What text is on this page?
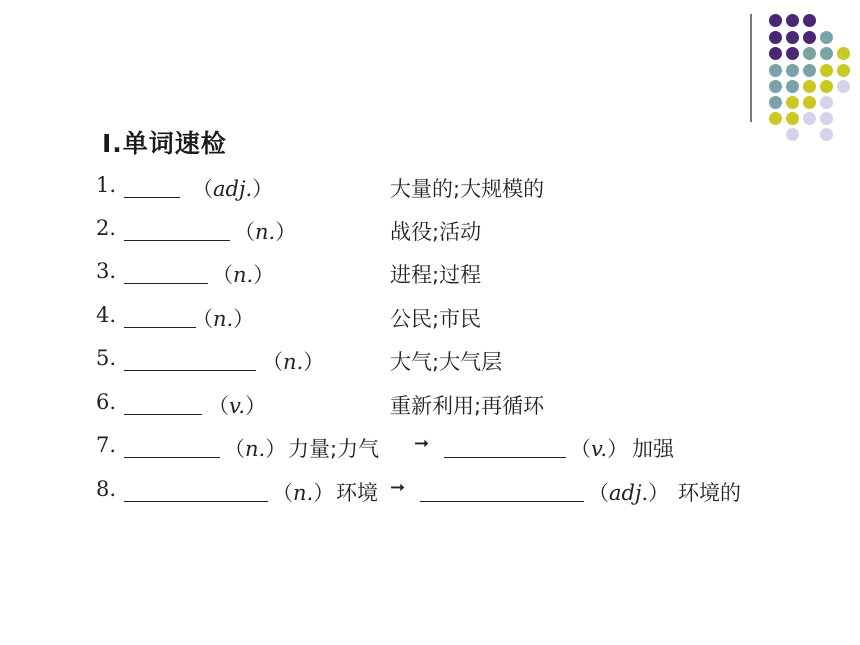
Ⅰ.单词速检
1.	（adj.）	大量的;大规模的
2.	（n.）	战役;活动
3.	（n.）	进程;过程
4.	（n.）	公民;市民
5.	（n.）	大气;大气层
6.	（v.）	重新利用;再循环
7.	（n.） 力量;力气 ➞	（v.） 加强
8.	（n.） 环境 ➞	（adj.） 环境的
